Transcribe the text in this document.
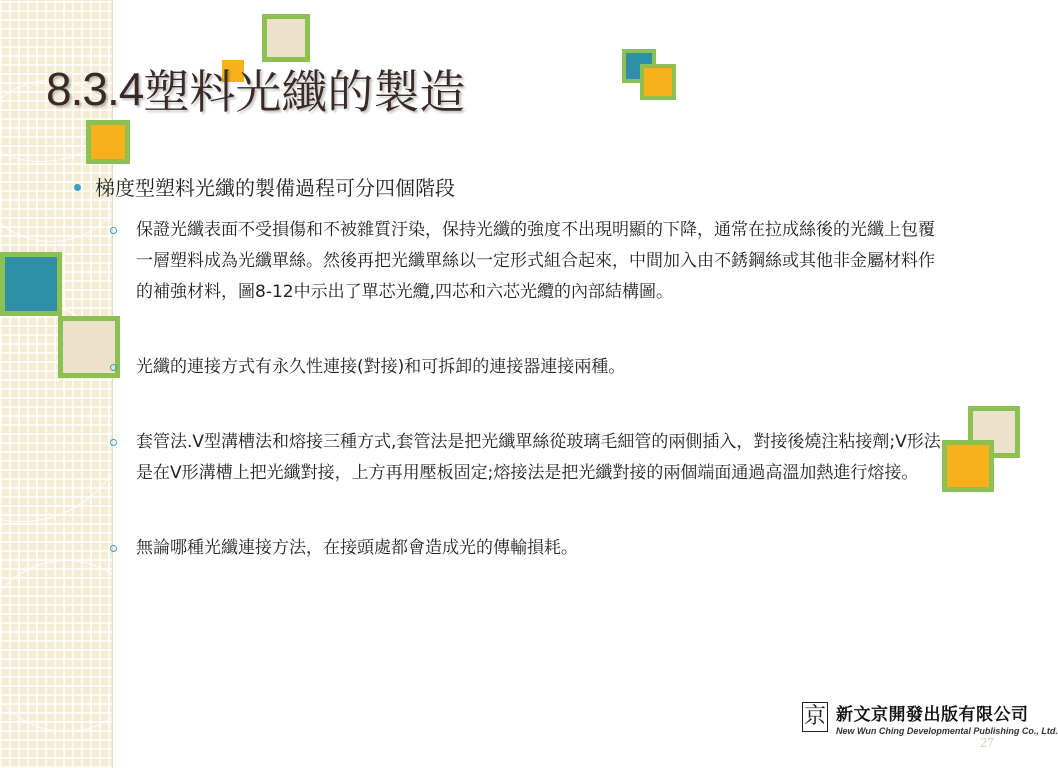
8.3.4塑料光纖的製造
梯度型塑料光纖的製備過程可分四個階段
保證光纖表面不受損傷和不被雜質汙染，保持光纖的強度不出現明顯的下降，通常在拉成絲後的光纖上包覆一層塑料成為光纖單絲。然後再把光纖單絲以一定形式組合起來，中間加入由不銹鋼絲或其他非金屬材料作的補強材料，圖8-12中示出了單芯光纜,四芯和六芯光纜的內部結構圖。
光纖的連接方式有永久性連接(對接)和可拆卸的連接器連接兩種。
套管法.V型溝槽法和熔接三種方式,套管法是把光纖單絲從玻璃毛細管的兩側插入，對接後燒注粘接劑;V形法是在V形溝槽上把光纖對接，上方再用壓板固定;熔接法是把光纖對接的兩個端面通過高溫加熱進行熔接。
無論哪種光纖連接方法，在接頭處都會造成光的傳輸損耗。
京 新文京開發出版有限公司
New Wun Ching Developmental Publishing Co., Ltd.
27
